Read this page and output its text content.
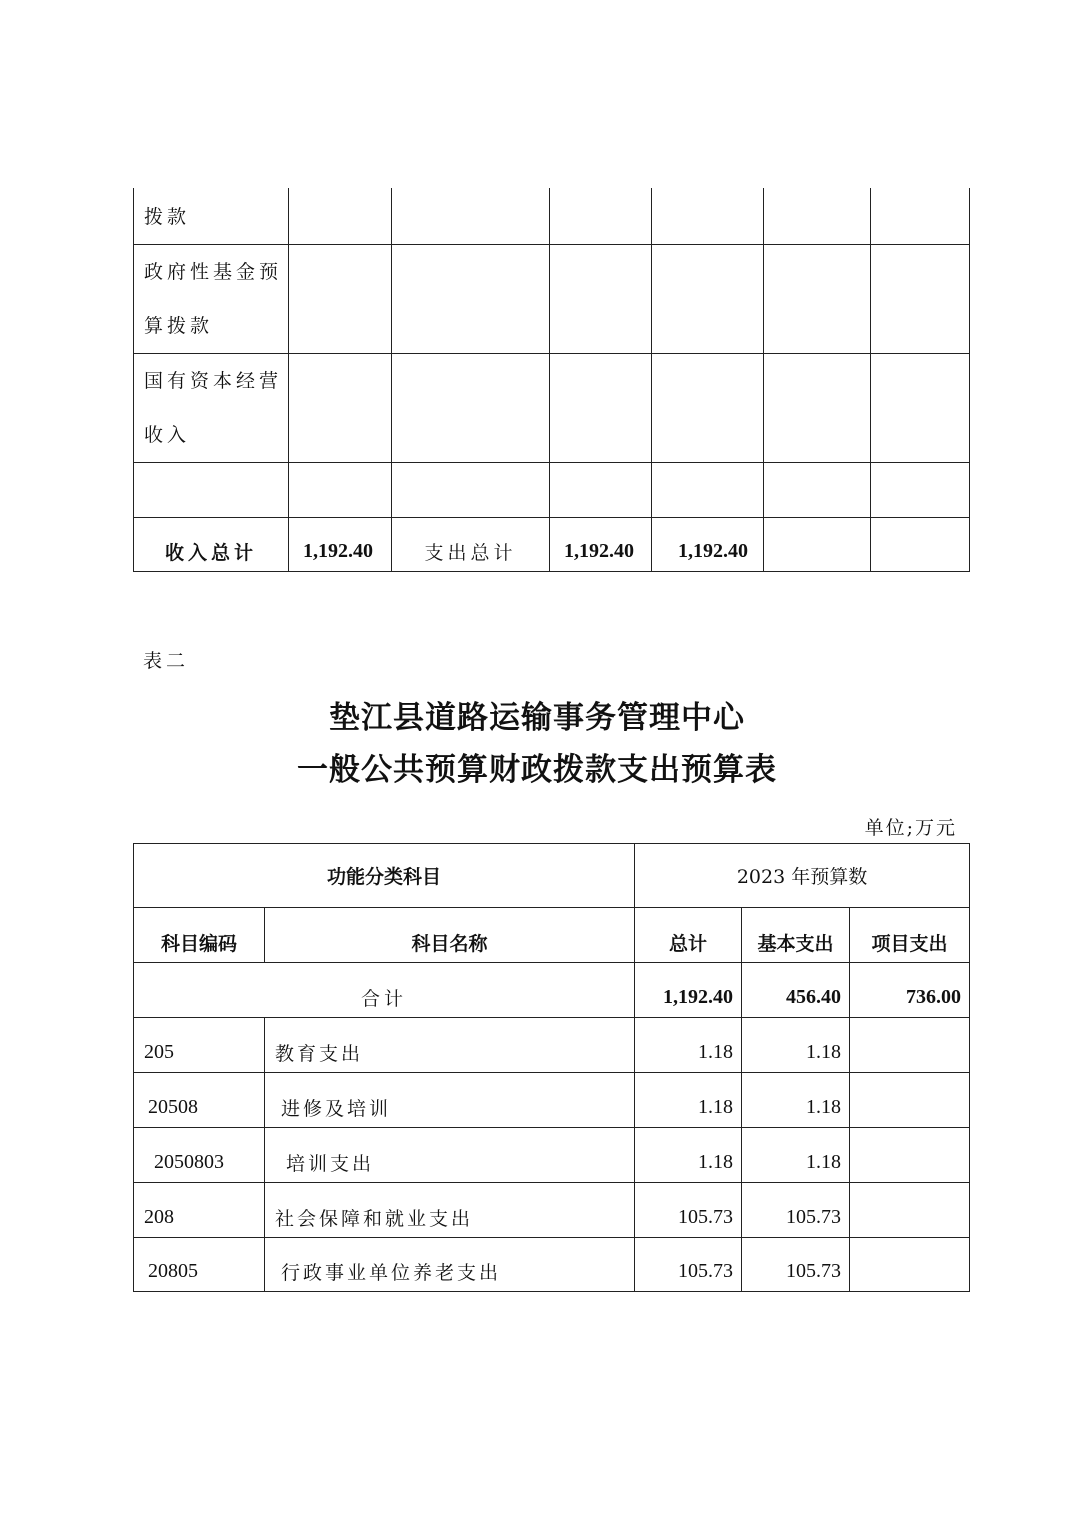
拨款						
政府性基金预算拨款						
国有资本经营收入						

收入总计	1,192.40	支出总计	1,192.40	1,192.40		
表二
垫江县道路运输事务管理中心
一般公共预算财政拨款支出预算表
单位;万元
功能分类科目		2023 年预算数		
科目编码	科目名称	总计	基本支出	项目支出
合计		1,192.40	456.40	736.00
205	教育支出	1.18	1.18	
20508	进修及培训	1.18	1.18	
2050803	培训支出	1.18	1.18	
208	社会保障和就业支出	105.73	105.73	
20805	行政事业单位养老支出	105.73	105.73	
